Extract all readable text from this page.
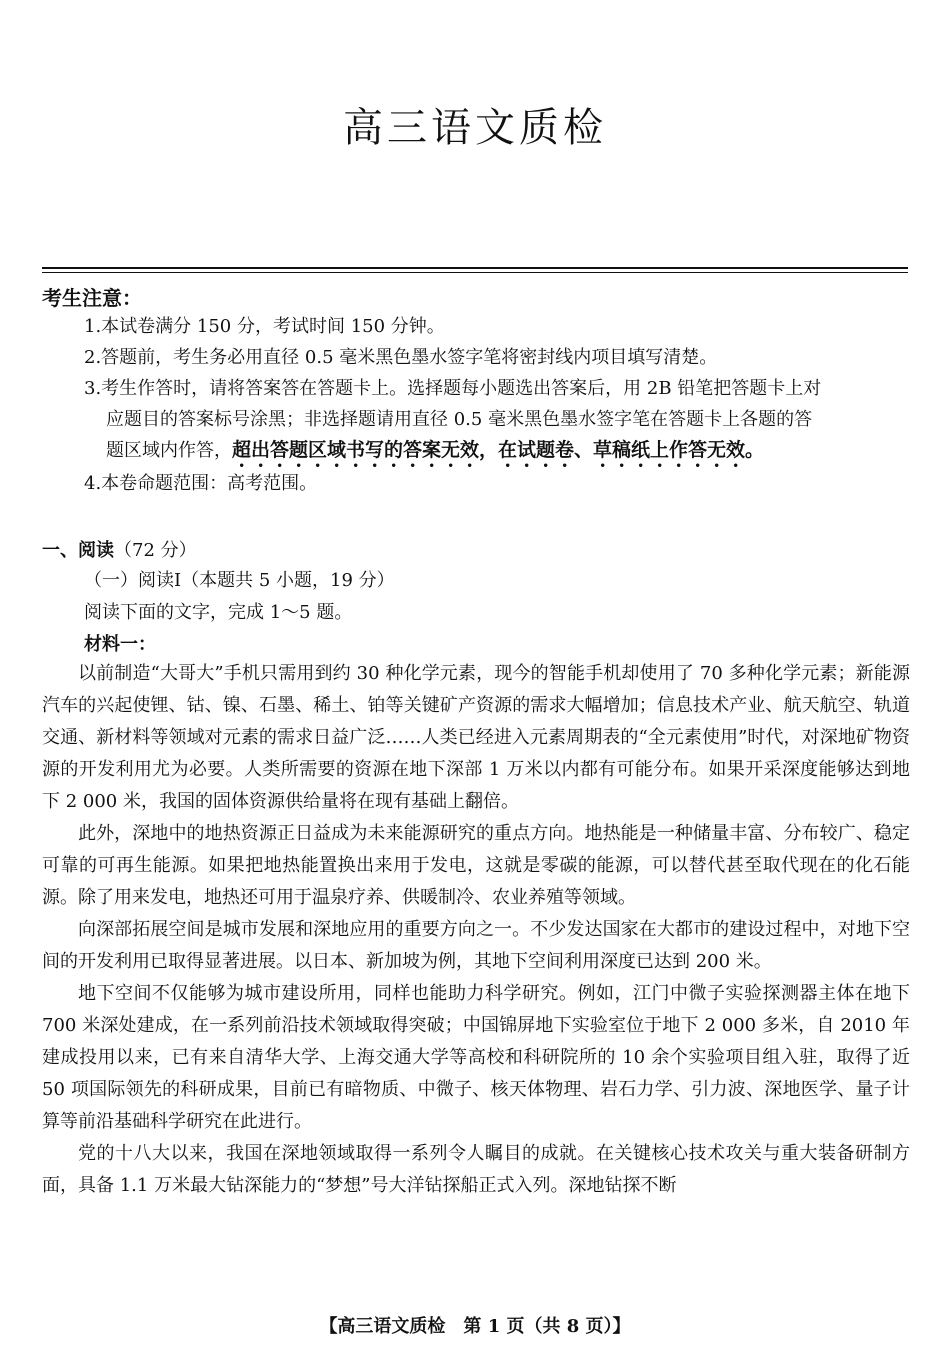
高三语文质检
考生注意：
1.本试卷满分 150 分，考试时间 150 分钟。
2.答题前，考生务必用直径 0.5 毫米黑色墨水签字笔将密封线内项目填写清楚。
3.考生作答时，请将答案答在答题卡上。选择题每小题选出答案后，用 2B 铅笔把答题卡上对
应题目的答案标号涂黑；非选择题请用直径 0.5 毫米黑色墨水签字笔在答题卡上各题的答
题区域内作答，超出答题区域书写的答案无效，在试题卷、草稿纸上作答无效。
4.本卷命题范围：高考范围。
一、阅读（72 分）
（一）阅读Ⅰ（本题共 5 小题，19 分）
阅读下面的文字，完成 1～5 题。
材料一：

以前制造“大哥大”手机只需用到约 30 种化学元素，现今的智能手机却使用了 70 多种化学元素；新能源汽车的兴起使锂、钴、镍、石墨、稀土、铂等关键矿产资源的需求大幅增加；信息技术产业、航天航空、轨道交通、新材料等领域对元素的需求日益广泛……人类已经进入元素周期表的“全元素使用”时代，对深地矿物资源的开发利用尤为必要。人类所需要的资源在地下深部 1 万米以内都有可能分布。如果开采深度能够达到地下 2 000 米，我国的固体资源供给量将在现有基础上翻倍。

此外，深地中的地热资源正日益成为未来能源研究的重点方向。地热能是一种储量丰富、分布较广、稳定可靠的可再生能源。如果把地热能置换出来用于发电，这就是零碳的能源，可以替代甚至取代现在的化石能源。除了用来发电，地热还可用于温泉疗养、供暖制冷、农业养殖等领域。

向深部拓展空间是城市发展和深地应用的重要方向之一。不少发达国家在大都市的建设过程中，对地下空间的开发利用已取得显著进展。以日本、新加坡为例，其地下空间利用深度已达到 200 米。

地下空间不仅能够为城市建设所用，同样也能助力科学研究。例如，江门中微子实验探测器主体在地下 700 米深处建成，在一系列前沿技术领域取得突破；中国锦屏地下实验室位于地下 2 000 多米，自 2010 年建成投用以来，已有来自清华大学、上海交通大学等高校和科研院所的 10 余个实验项目组入驻，取得了近 50 项国际领先的科研成果，目前已有暗物质、中微子、核天体物理、岩石力学、引力波、深地医学、量子计算等前沿基础科学研究在此进行。

党的十八大以来，我国在深地领域取得一系列令人瞩目的成就。在关键核心技术攻关与重大装备研制方面，具备 1.1 万米最大钻深能力的“梦想”号大洋钻探船正式入列。深地钻探不断

【高三语文质检　第 1 页（共 8 页）】
